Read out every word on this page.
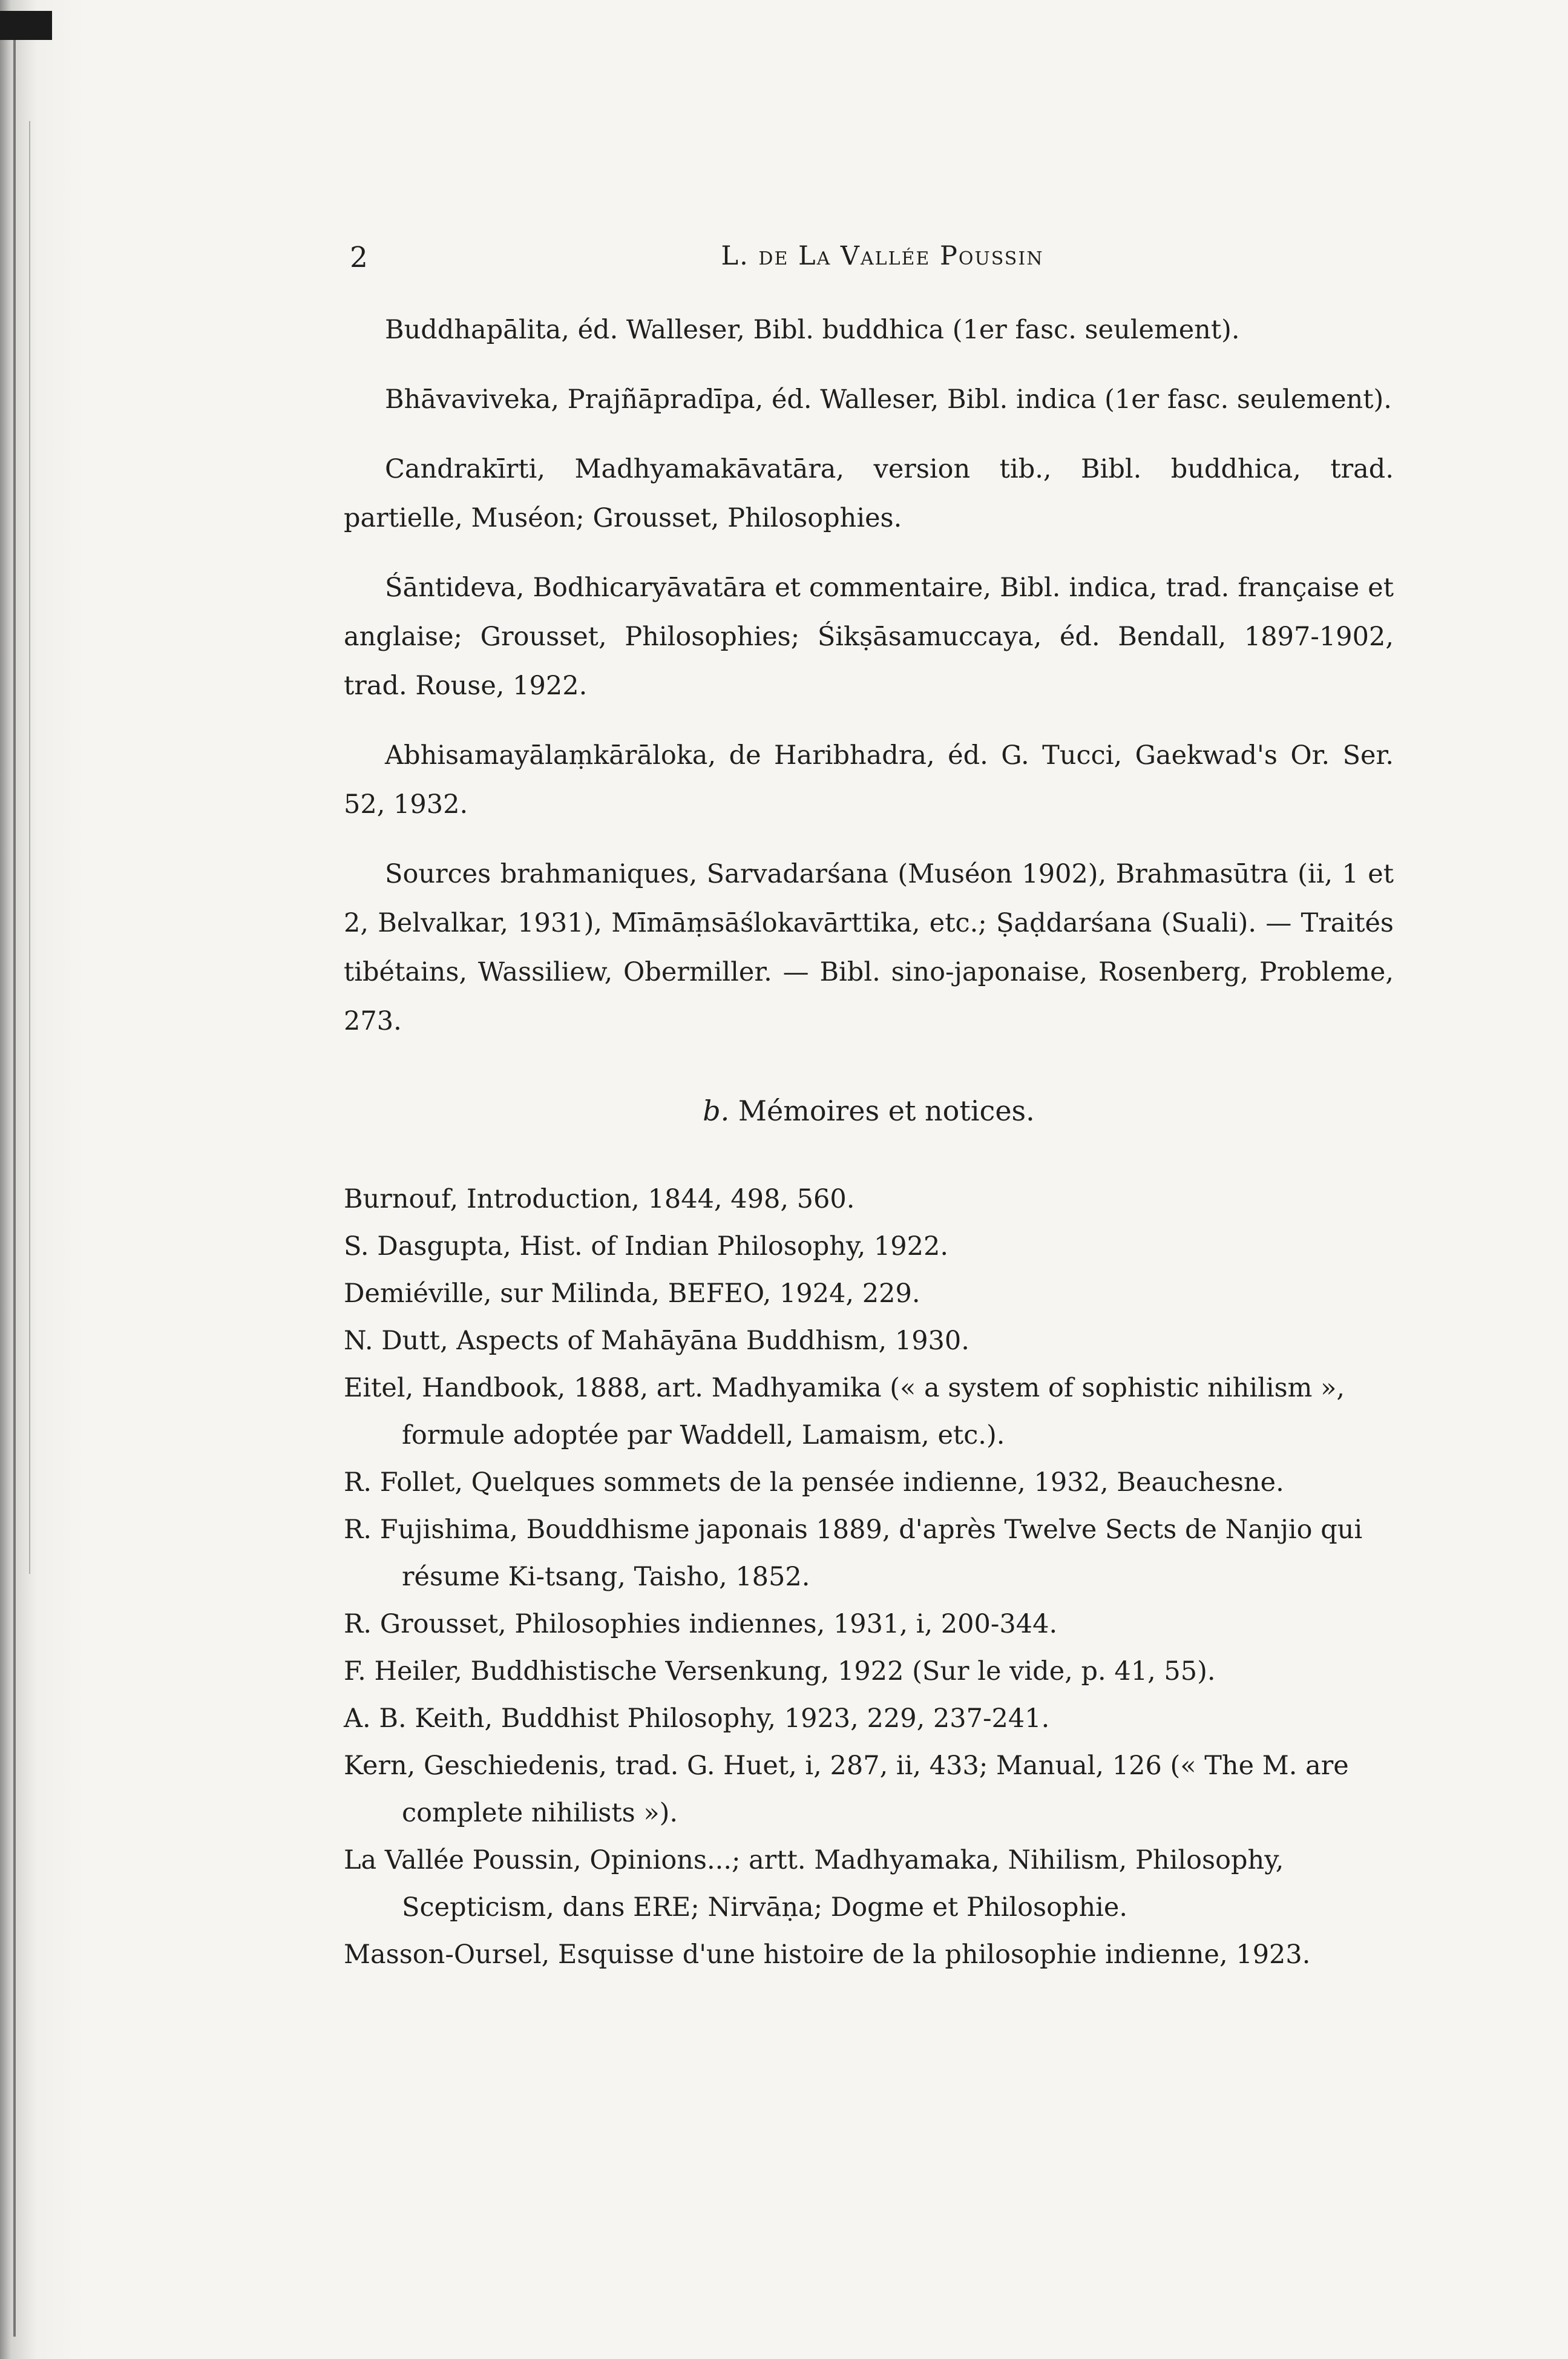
2	L. de La Vallée Poussin

Buddhapālita, éd. Walleser, Bibl. buddhica (1er fasc. seulement).

Bhāvaviveka, Prajñāpradīpa, éd. Walleser, Bibl. indica (1er fasc. seulement).

Candrakīrti, Madhyamakāvatāra, version tib., Bibl. buddhica, trad. partielle, Muséon; Grousset, Philosophies.

Śāntideva, Bodhicaryāvatāra et commentaire, Bibl. indica, trad. française et anglaise; Grousset, Philosophies; Śikṣāsamuccaya, éd. Bendall, 1897-1902, trad. Rouse, 1922.

Abhisamayālaṃkārāloka, de Haribhadra, éd. G. Tucci, Gaekwad's Or. Ser. 52, 1932.

Sources brahmaniques, Sarvadarśana (Muséon 1902), Brahmasūtra (ii, 1 et 2, Belvalkar, 1931), Mīmāṃsāślokavārttika, etc.; Ṣaḍdarśana (Suali). — Traités tibétains, Wassiliew, Obermiller. — Bibl. sino-japonaise, Rosenberg, Probleme, 273.

b. Mémoires et notices.

Burnouf, Introduction, 1844, 498, 560.

S. Dasgupta, Hist. of Indian Philosophy, 1922.

Demiéville, sur Milinda, BEFEO, 1924, 229.

N. Dutt, Aspects of Mahāyāna Buddhism, 1930.

Eitel, Handbook, 1888, art. Madhyamika (« a system of sophistic nihilism », formule adoptée par Waddell, Lamaism, etc.).

R. Follet, Quelques sommets de la pensée indienne, 1932, Beauchesne.

R. Fujishima, Bouddhisme japonais 1889, d'après Twelve Sects de Nanjio qui résume Ki-tsang, Taisho, 1852.

R. Grousset, Philosophies indiennes, 1931, i, 200-344.

F. Heiler, Buddhistische Versenkung, 1922 (Sur le vide, p. 41, 55).

A. B. Keith, Buddhist Philosophy, 1923, 229, 237-241.

Kern, Geschiedenis, trad. G. Huet, i, 287, ii, 433; Manual, 126 (« The M. are complete nihilists »).

La Vallée Poussin, Opinions...; artt. Madhyamaka, Nihilism, Philosophy, Scepticism, dans ERE; Nirvāṇa; Dogme et Philosophie.

Masson-Oursel, Esquisse d'une histoire de la philosophie indienne, 1923.
